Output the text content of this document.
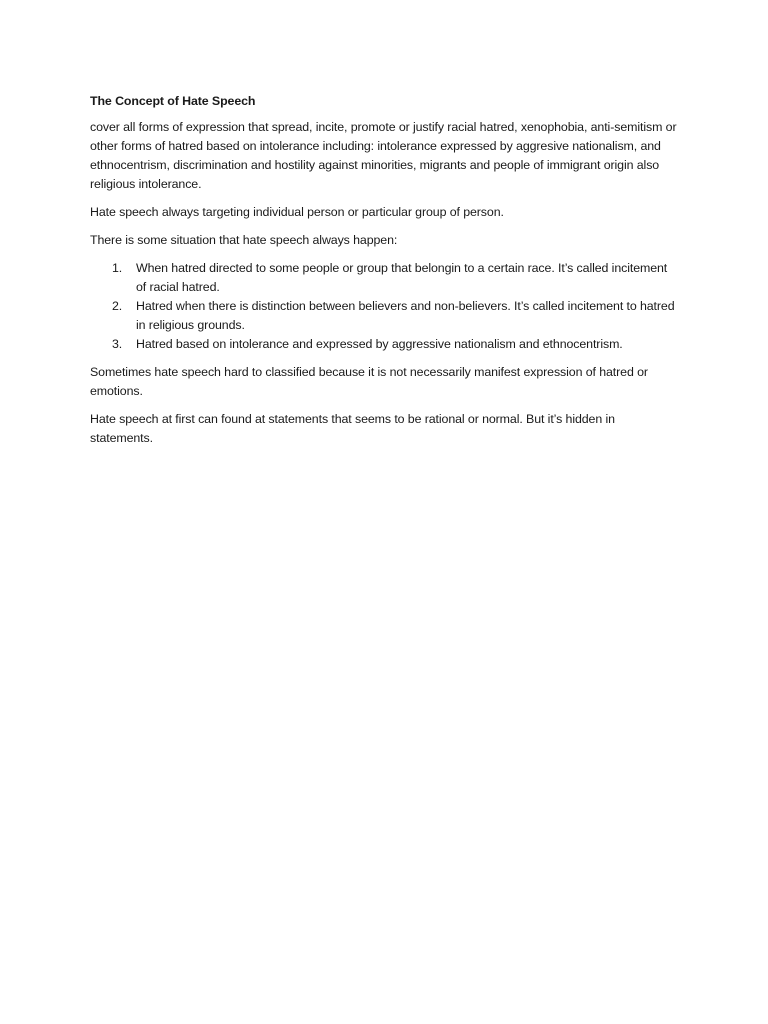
The Concept of Hate Speech

cover all forms of expression that spread, incite, promote or justify racial hatred, xenophobia, anti-semitism or other forms of hatred based on intolerance including: intolerance expressed by aggresive nationalism, and ethnocentrism, discrimination and hostility against minorities, migrants and people of immigrant origin also religious intolerance.

Hate speech always targeting individual person or particular group of person.

There is some situation that hate speech always happen:

1. When hatred directed to some people or group that belongin to a certain race. It’s called incitement of racial hatred.
2. Hatred when there is distinction between believers and non-believers. It’s called incitement to hatred in religious grounds.
3. Hatred based on intolerance and expressed by aggressive nationalism and ethnocentrism.

Sometimes hate speech hard to classified because it is not necessarily manifest expression of hatred or emotions.

Hate speech at first can found at statements that seems to be rational or normal. But it’s hidden in statements.
